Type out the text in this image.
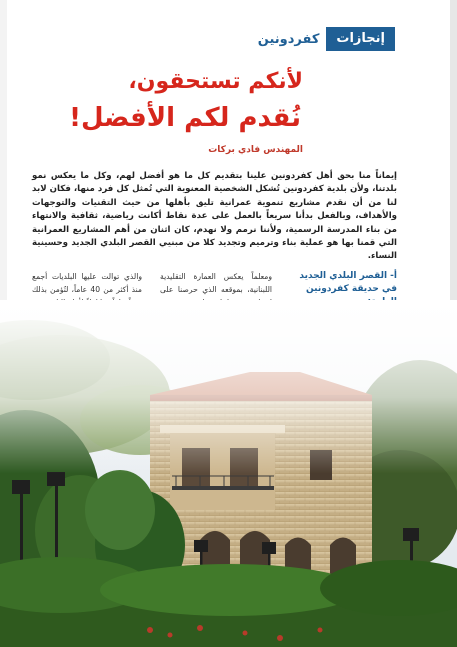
إنجازات
كفردونين
لأنكم تستحقون،
نُقدم لكم الأفضل!
المهندس فادي بركات
إيماناً منا بحق أهل كفردونين علينا بتقديم كل ما هو أفضل لهم، وكل ما يعكس نمو بلدتنا، ولأن بلدية كفردونين تُشكل الشخصية المعنوية التي تُمثل كل فرد منها، فكان لابد لنا من أن نقدم مشاريع تنموية عمرانية تليق بأهلها من حيث التقنيات والتوجهات والأهداف، وبالفعل بدأنا سريعاً بالعمل على عدة نقاط أكانت رياضية، ثقافية والانتهاء من بناء المدرسة الرسمية، ولأننا نرمم ولا نهدم، كان اثنان من أهم المشاريع العمرانية التي قمنا بها هو عملية بناء وترميم وتجديد كلا من مبنيي القصر البلدي الجديد وحسينية النساء.
أ- القصر البلدي الجديد في حديقة كفردونين
ومعلماً يعكس العمارة التقليدية اللبنانية، بموقعه الذي حرصنا على
والذي توالت عليها البلديات أجمع منذ أكثر من 40 عاماً، لتُؤمن بذلك
